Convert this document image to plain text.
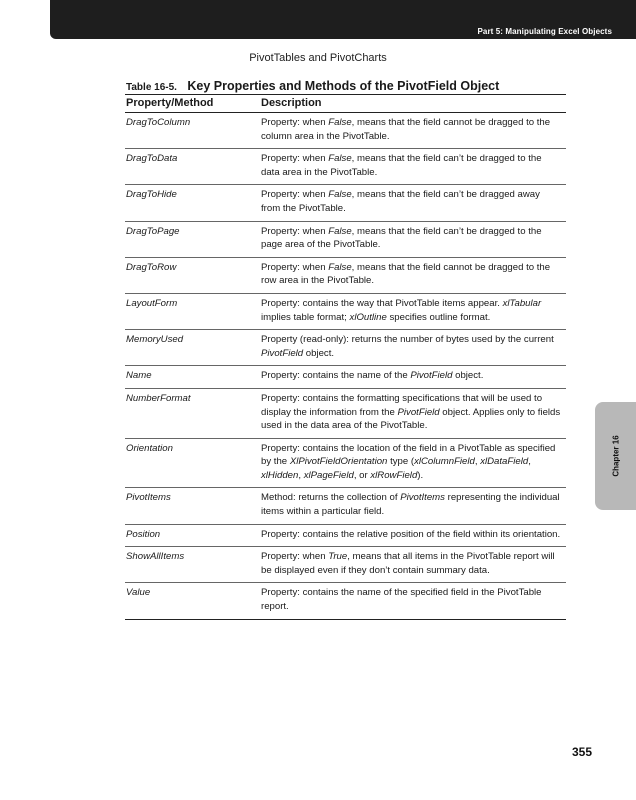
Part 5: Manipulating Excel Objects
PivotTables and PivotCharts
Table 16-5. Key Properties and Methods of the PivotField Object
Property/Method	Description
DragToColumn	Property: when False, means that the field cannot be dragged to the column area in the PivotTable.
DragToData	Property: when False, means that the field can’t be dragged to the data area in the PivotTable.
DragToHide	Property: when False, means that the field can’t be dragged away from the PivotTable.
DragToPage	Property: when False, means that the field can’t be dragged to the page area of the PivotTable.
DragToRow	Property: when False, means that the field cannot be dragged to the row area in the PivotTable.
LayoutForm	Property: contains the way that PivotTable items appear. xlTabular implies table format; xlOutline specifies outline format.
MemoryUsed	Property (read-only): returns the number of bytes used by the current PivotField object.
Name	Property: contains the name of the PivotField object.
NumberFormat	Property: contains the formatting specifications that will be used to display the information from the PivotField object. Applies only to fields used in the data area of the PivotTable.
Orientation	Property: contains the location of the field in a PivotTable as specified by the XlPivotFieldOrientation type (xlColumnField, xlDataField, xlHidden, xlPageField, or xlRowField).
PivotItems	Method: returns the collection of PivotItems representing the individual items within a particular field.
Position	Property: contains the relative position of the field within its orientation.
ShowAllItems	Property: when True, means that all items in the PivotTable report will be displayed even if they don’t contain summary data.
Value	Property: contains the name of the specified field in the PivotTable report.
Chapter 16
355
